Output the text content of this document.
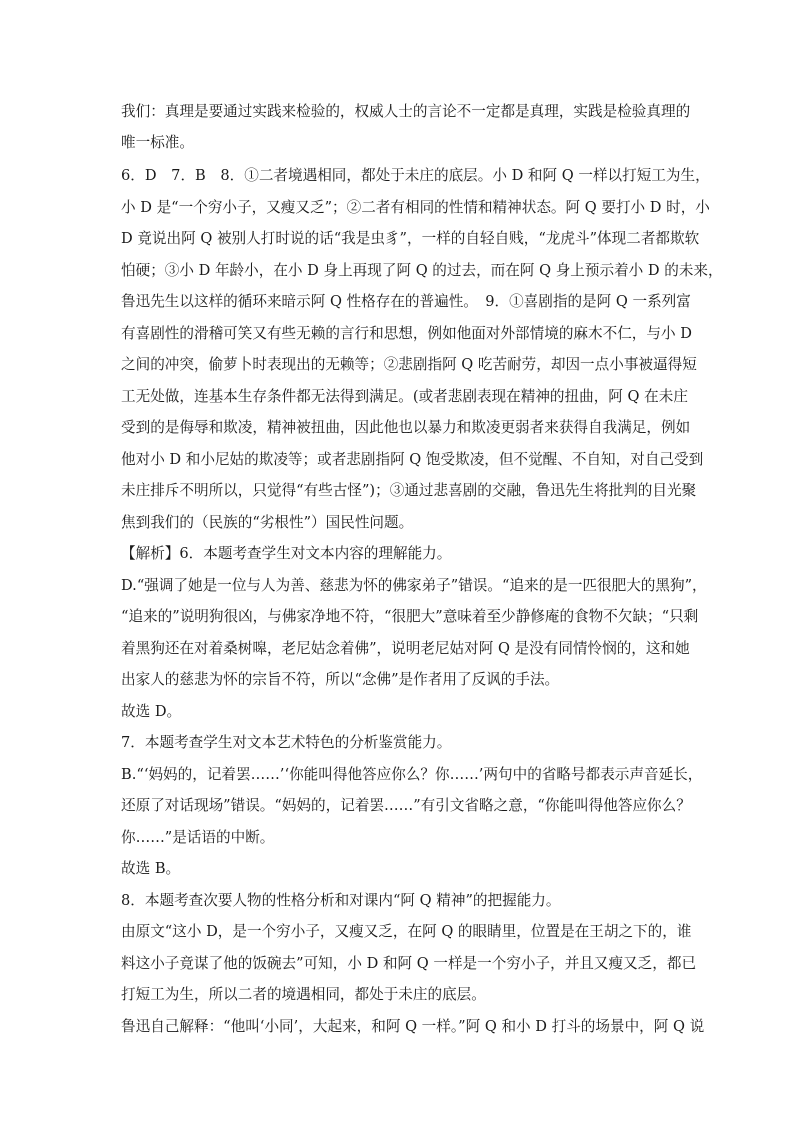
我们：真理是要通过实践来检验的，权威人士的言论不一定都是真理，实践是检验真理的
唯一标准。
6．D　7．B　8．①二者境遇相同，都处于未庄的底层。小 D 和阿 Q 一样以打短工为生，
小 D 是“一个穷小子，又瘦又乏”；②二者有相同的性情和精神状态。阿 Q 要打小 D 时，小
D 竟说出阿 Q 被别人打时说的话“我是虫豸”，一样的自轻自贱，“龙虎斗”体现二者都欺软
怕硬；③小 D 年龄小，在小 D 身上再现了阿 Q 的过去，而在阿 Q 身上预示着小 D 的未来，
鲁迅先生以这样的循环来暗示阿 Q 性格存在的普遍性。　9．①喜剧指的是阿 Q 一系列富
有喜剧性的滑稽可笑又有些无赖的言行和思想，例如他面对外部情境的麻木不仁，与小 D
之间的冲突，偷萝卜时表现出的无赖等；②悲剧指阿 Q 吃苦耐劳，却因一点小事被逼得短
工无处做，连基本生存条件都无法得到满足。(或者悲剧表现在精神的扭曲，阿 Q 在未庄
受到的是侮辱和欺凌，精神被扭曲，因此他也以暴力和欺凌更弱者来获得自我满足，例如
他对小 D 和小尼姑的欺凌等；或者悲剧指阿 Q 饱受欺凌，但不觉醒、不自知，对自己受到
未庄排斥不明所以，只觉得“有些古怪”)；③通过悲喜剧的交融，鲁迅先生将批判的目光聚
焦到我们的（民族的“劣根性”）国民性问题。
【解析】6．本题考查学生对文本内容的理解能力。
D.“强调了她是一位与人为善、慈悲为怀的佛家弟子”错误。“追来的是一匹很肥大的黑狗”，
“追来的”说明狗很凶，与佛家净地不符，“很肥大”意味着至少静修庵的食物不欠缺；“只剩
着黑狗还在对着桑树嗥，老尼姑念着佛”，说明老尼姑对阿 Q 是没有同情怜悯的，这和她
出家人的慈悲为怀的宗旨不符，所以“念佛”是作者用了反讽的手法。
故选 D。
7．本题考查学生对文本艺术特色的分析鉴赏能力。
B.“‘妈妈的，记着罢……’‘你能叫得他答应你么？你……’两句中的省略号都表示声音延长，
还原了对话现场”错误。“妈妈的，记着罢……”有引文省略之意，“你能叫得他答应你么？
你……”是话语的中断。
故选 B。
8．本题考查次要人物的性格分析和对课内“阿 Q 精神”的把握能力。
由原文“这小 D，是一个穷小子，又瘦又乏，在阿 Q 的眼睛里，位置是在王胡之下的，谁
料这小子竟谋了他的饭碗去”可知，小 D 和阿 Q 一样是一个穷小子，并且又瘦又乏，都已
打短工为生，所以二者的境遇相同，都处于未庄的底层。
鲁迅自己解释：“他叫‘小同’，大起来，和阿 Q 一样。”阿 Q 和小 D 打斗的场景中，阿 Q 说
